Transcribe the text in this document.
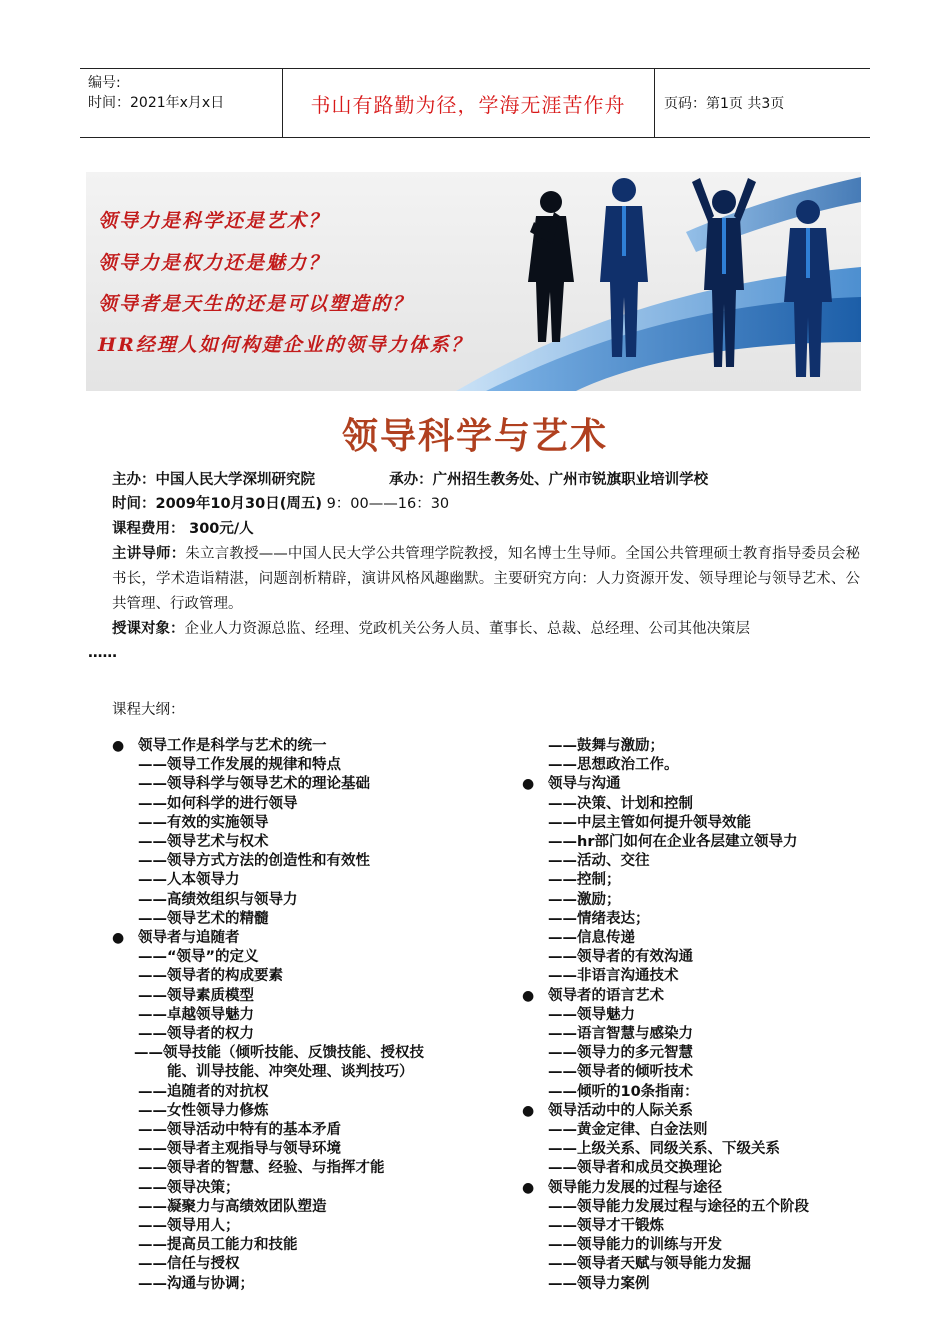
编号:
时间：2021年x月x日	书山有路勤为径，学海无涯苦作舟	页码：第1页 共3页
领导力是科学还是艺术？
领导力是权力还是魅力？
领导者是天生的还是可以塑造的？
HR经理人如何构建企业的领导力体系？
领导科学与艺术
主办：中国人民大学深圳研究院	承办：广州招生教务处、广州市锐旗职业培训学校
时间：2009年10月30日(周五) 9：00——16：30
课程费用： 300元/人
主讲导师：朱立言教授——中国人民大学公共管理学院教授，知名博士生导师。全国公共管理硕士教育指导委员会秘书长，学术造诣精湛，问题剖析精辟，演讲风格风趣幽默。主要研究方向：人力资源开发、领导理论与领导艺术、公共管理、行政管理。
授课对象：企业人力资源总监、经理、党政机关公务人员、董事长、总裁、总经理、公司其他决策层
……
课程大纲：
● 领导工作是科学与艺术的统一
——领导工作发展的规律和特点
——领导科学与领导艺术的理论基础
——如何科学的进行领导
——有效的实施领导
——领导艺术与权术
——领导方式方法的创造性和有效性
——人本领导力
——高绩效组织与领导力
——领导艺术的精髓
● 领导者与追随者
——“领导”的定义
——领导者的构成要素
——领导素质模型
——卓越领导魅力
——领导者的权力
——领导技能（倾听技能、反馈技能、授权技
能、训导技能、冲突处理、谈判技巧）
——追随者的对抗权
——女性领导力修炼
——领导活动中特有的基本矛盾
——领导者主观指导与领导环境
——领导者的智慧、经验、与指挥才能
——领导决策；
——凝聚力与高绩效团队塑造
——领导用人；
——提高员工能力和技能
——信任与授权
——沟通与协调；
——鼓舞与激励；
——思想政治工作。
● 领导与沟通
——决策、计划和控制
——中层主管如何提升领导效能
——hr部门如何在企业各层建立领导力
——活动、交往
——控制；
——激励；
——情绪表达；
——信息传递
——领导者的有效沟通
——非语言沟通技术
● 领导者的语言艺术
——领导魅力
——语言智慧与感染力
——领导力的多元智慧
——领导者的倾听技术
——倾听的10条指南：
● 领导活动中的人际关系
——黄金定律、白金法则
——上级关系、同级关系、下级关系
——领导者和成员交换理论
● 领导能力发展的过程与途径
——领导能力发展过程与途径的五个阶段
——领导才干锻炼
——领导能力的训练与开发
——领导者天赋与领导能力发掘
——领导力案例
